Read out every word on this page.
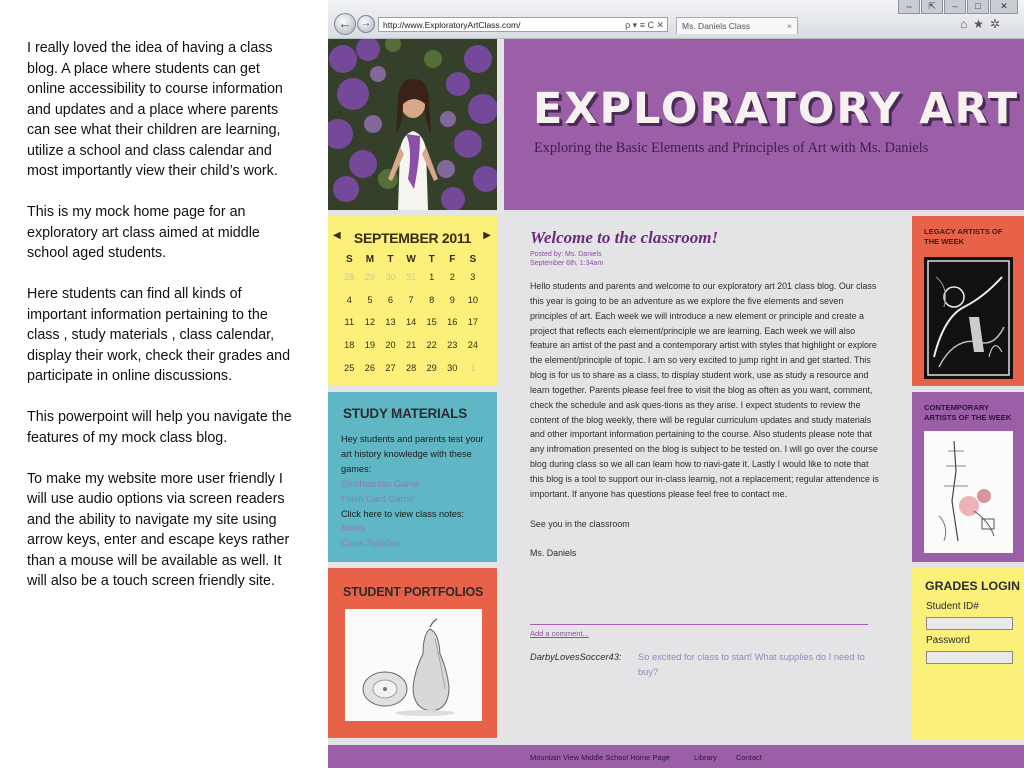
I really loved the idea of having a class blog. A place where students can get online accessibility to course information and updates and a place where parents can see what their children are learning, utilize a school and class calendar and most importantly view their child’s work.

This is my mock home page for an exploratory art class aimed at middle school aged students.

Here students can find all kinds of important information pertaining to the class , study materials , class calendar, display their work, check their grades and participate in online discussions.

This powerpoint will help you navigate the features of my mock class blog.

To make my website more user friendly I will use audio options via screen readers and the ability to navigate my site using arrow keys, enter and escape keys rather than a mouse will be available as well. It will also be a touch screen friendly site.

⇔	⇱	–	□	✕
← →	http://www.ExploratoryArtClass.com/	ρ ▾ ≡ C ✕	Ms. Daniels Class	×	⌂★✲
EXPLORATORY ART
Exploring the Basic Elements and Principles of Art with Ms. Daniels
◀ SEPTEMBER 2011	▶
S	M	T	W	T	F	S
28	29	30	31	1	2	3
4	5	6	7	8	9	10
11	12	13	14	15	16	17
18	19	20	21	22	23	24
25	26	27	28	29	30	1
STUDY MATERIALS
Hey students and parents test your art history knowledge with these games:
Smithsonian Game
Flash Card Game
Click here to view class notes:
Notes
Class Syllabus
STUDENT PORTFOLIOS
Welcome to the classroom!
Posted by: Ms. Daniels
September 6th, 1:34am

Hello students and parents and welcome to our exploratory art 201 class blog. Our class this year is going to be an adventure as we explore the five elements and seven principles of art. Each week we will introduce a new element or principle and create a project that reflects each element/principle we are learning. Each week we will also feature an artist of the past and a contemporary artist with styles that highlight or explore the element/principle of topic. I am so very excited to jump right in and get started. This blog is for us to share as a class, to display student work, use as study a resource and learn together. Parents please feel free to visit the blog as often as you want, comment, check the schedule and ask ques-tions as they arise. I expect students to review the content of the blog weekly, there will be regular curriculum updates and study materials and other important information pertaining to the course. Also students please note that any infromation presented on the blog is subject to be tested on. I will go over the course blog during class so we all can learn how to navi-gate it. Lastly I would like to note that this blog is a tool to support our in-class learnig, not a replacement; regular attendence is important. If anyone has questions please feel free to contact me.

See you in the classroom

Ms. Daniels

Add a comment...
DarbyLovesSoccer43: So excited for class to start! What supplies do I need to buy?
LEGACY ARTISTS OF THE WEEK
CONTEMPORARY ARTISTS OF THE WEEK
GRADES LOGIN
Student ID#
Password
Mountain View Middle School Home Page	Library	Contact
